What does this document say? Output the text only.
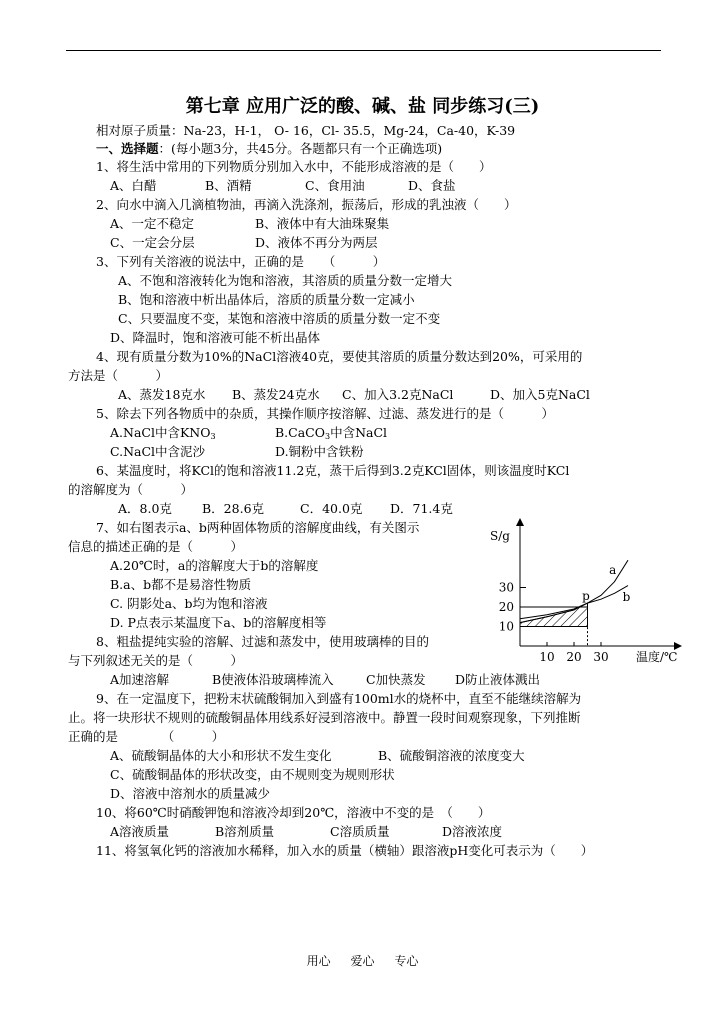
第七章 应用广泛的酸、碱、盐 同步练习(三)
相对原子质量：Na-23，H-1， O- 16，Cl- 35.5，Mg-24，Ca-40，K-39
一、选择题：(每小题3分，共45分。各题都只有一个正确选项)
1、将生活中常用的下列物质分别加入水中，不能形成溶液的是（　　）
A、白醋	B、酒精	C、食用油	D、食盐
2、向水中滴入几滴植物油，再滴入洗涤剂，振荡后，形成的乳浊液（　　）
A、一定不稳定	B、液体中有大油珠聚集
C、一定会分层	D、液体不再分为两层
3、下列有关溶液的说法中，正确的是　　（　　　）
A、不饱和溶液转化为饱和溶液，其溶质的质量分数一定增大
B、饱和溶液中析出晶体后，溶质的质量分数一定减小
C、只要温度不变，某饱和溶液中溶质的质量分数一定不变
D、降温时，饱和溶液可能不析出晶体
4、现有质量分数为10%的NaCl溶液40克，要使其溶质的质量分数达到20%，可采用的
方法是（　　　）
A、蒸发18克水 B、蒸发24克水 C、加入3.2克NaCl	D、加入5克NaCl
5、除去下列各物质中的杂质，其操作顺序按溶解、过滤、蒸发进行的是（　　　）
A.NaCl中含$KNO_3$	B.CaCO$_3$中含NaCl
C.NaCl中含泥沙	D.铜粉中含铁粉
6、某温度时，将KCl的饱和溶液11.2克，蒸干后得到3.2克KCl固体，则该温度时KCl
的溶解度为（　　　）
A．8.0克 B．28.6克	C．40.0克 D．71.4克
7、如右图表示a、b两种固体物质的溶解度曲线，有关图示
信息的描述正确的是（　　　）
A.20℃时，a的溶解度大于b的溶解度
B.a、b都不是易溶性物质
C. 阴影处a、b均为饱和溶液
D. P点表示某温度下a、b的溶解度相等
10 20 30
10
20
30
S/g
温度/℃
a
b
p
8、粗盐提纯实验的溶解、过滤和蒸发中，使用玻璃棒的目的
与下列叙述无关的是（　　　）
A加速溶解	B使液体沿玻璃棒流入	C加快蒸发 D防止液体溅出
9、在一定温度下，把粉末状硫酸铜加入到盛有100ml水的烧杯中，直至不能继续溶解为
止。将一块形状不规则的硫酸铜晶体用线系好浸到溶液中。静置一段时间观察现象，下列推断
正确的是　　　　（　　　）
A、硫酸铜晶体的大小和形状不发生变化	B、硫酸铜溶液的浓度变大
C、硫酸铜晶体的形状改变，由不规则变为规则形状
D、溶液中溶剂水的质量减少
10、将60℃时硝酸钾饱和溶液冷却到20℃，溶液中不变的是　（　　）
A溶液质量	B溶剂质量	C溶质质量	D溶液浓度
11、将氢氧化钙的溶液加水稀释，加入水的质量（横轴）跟溶液pH变化可表示为（　　）
用心 爱心 专心
